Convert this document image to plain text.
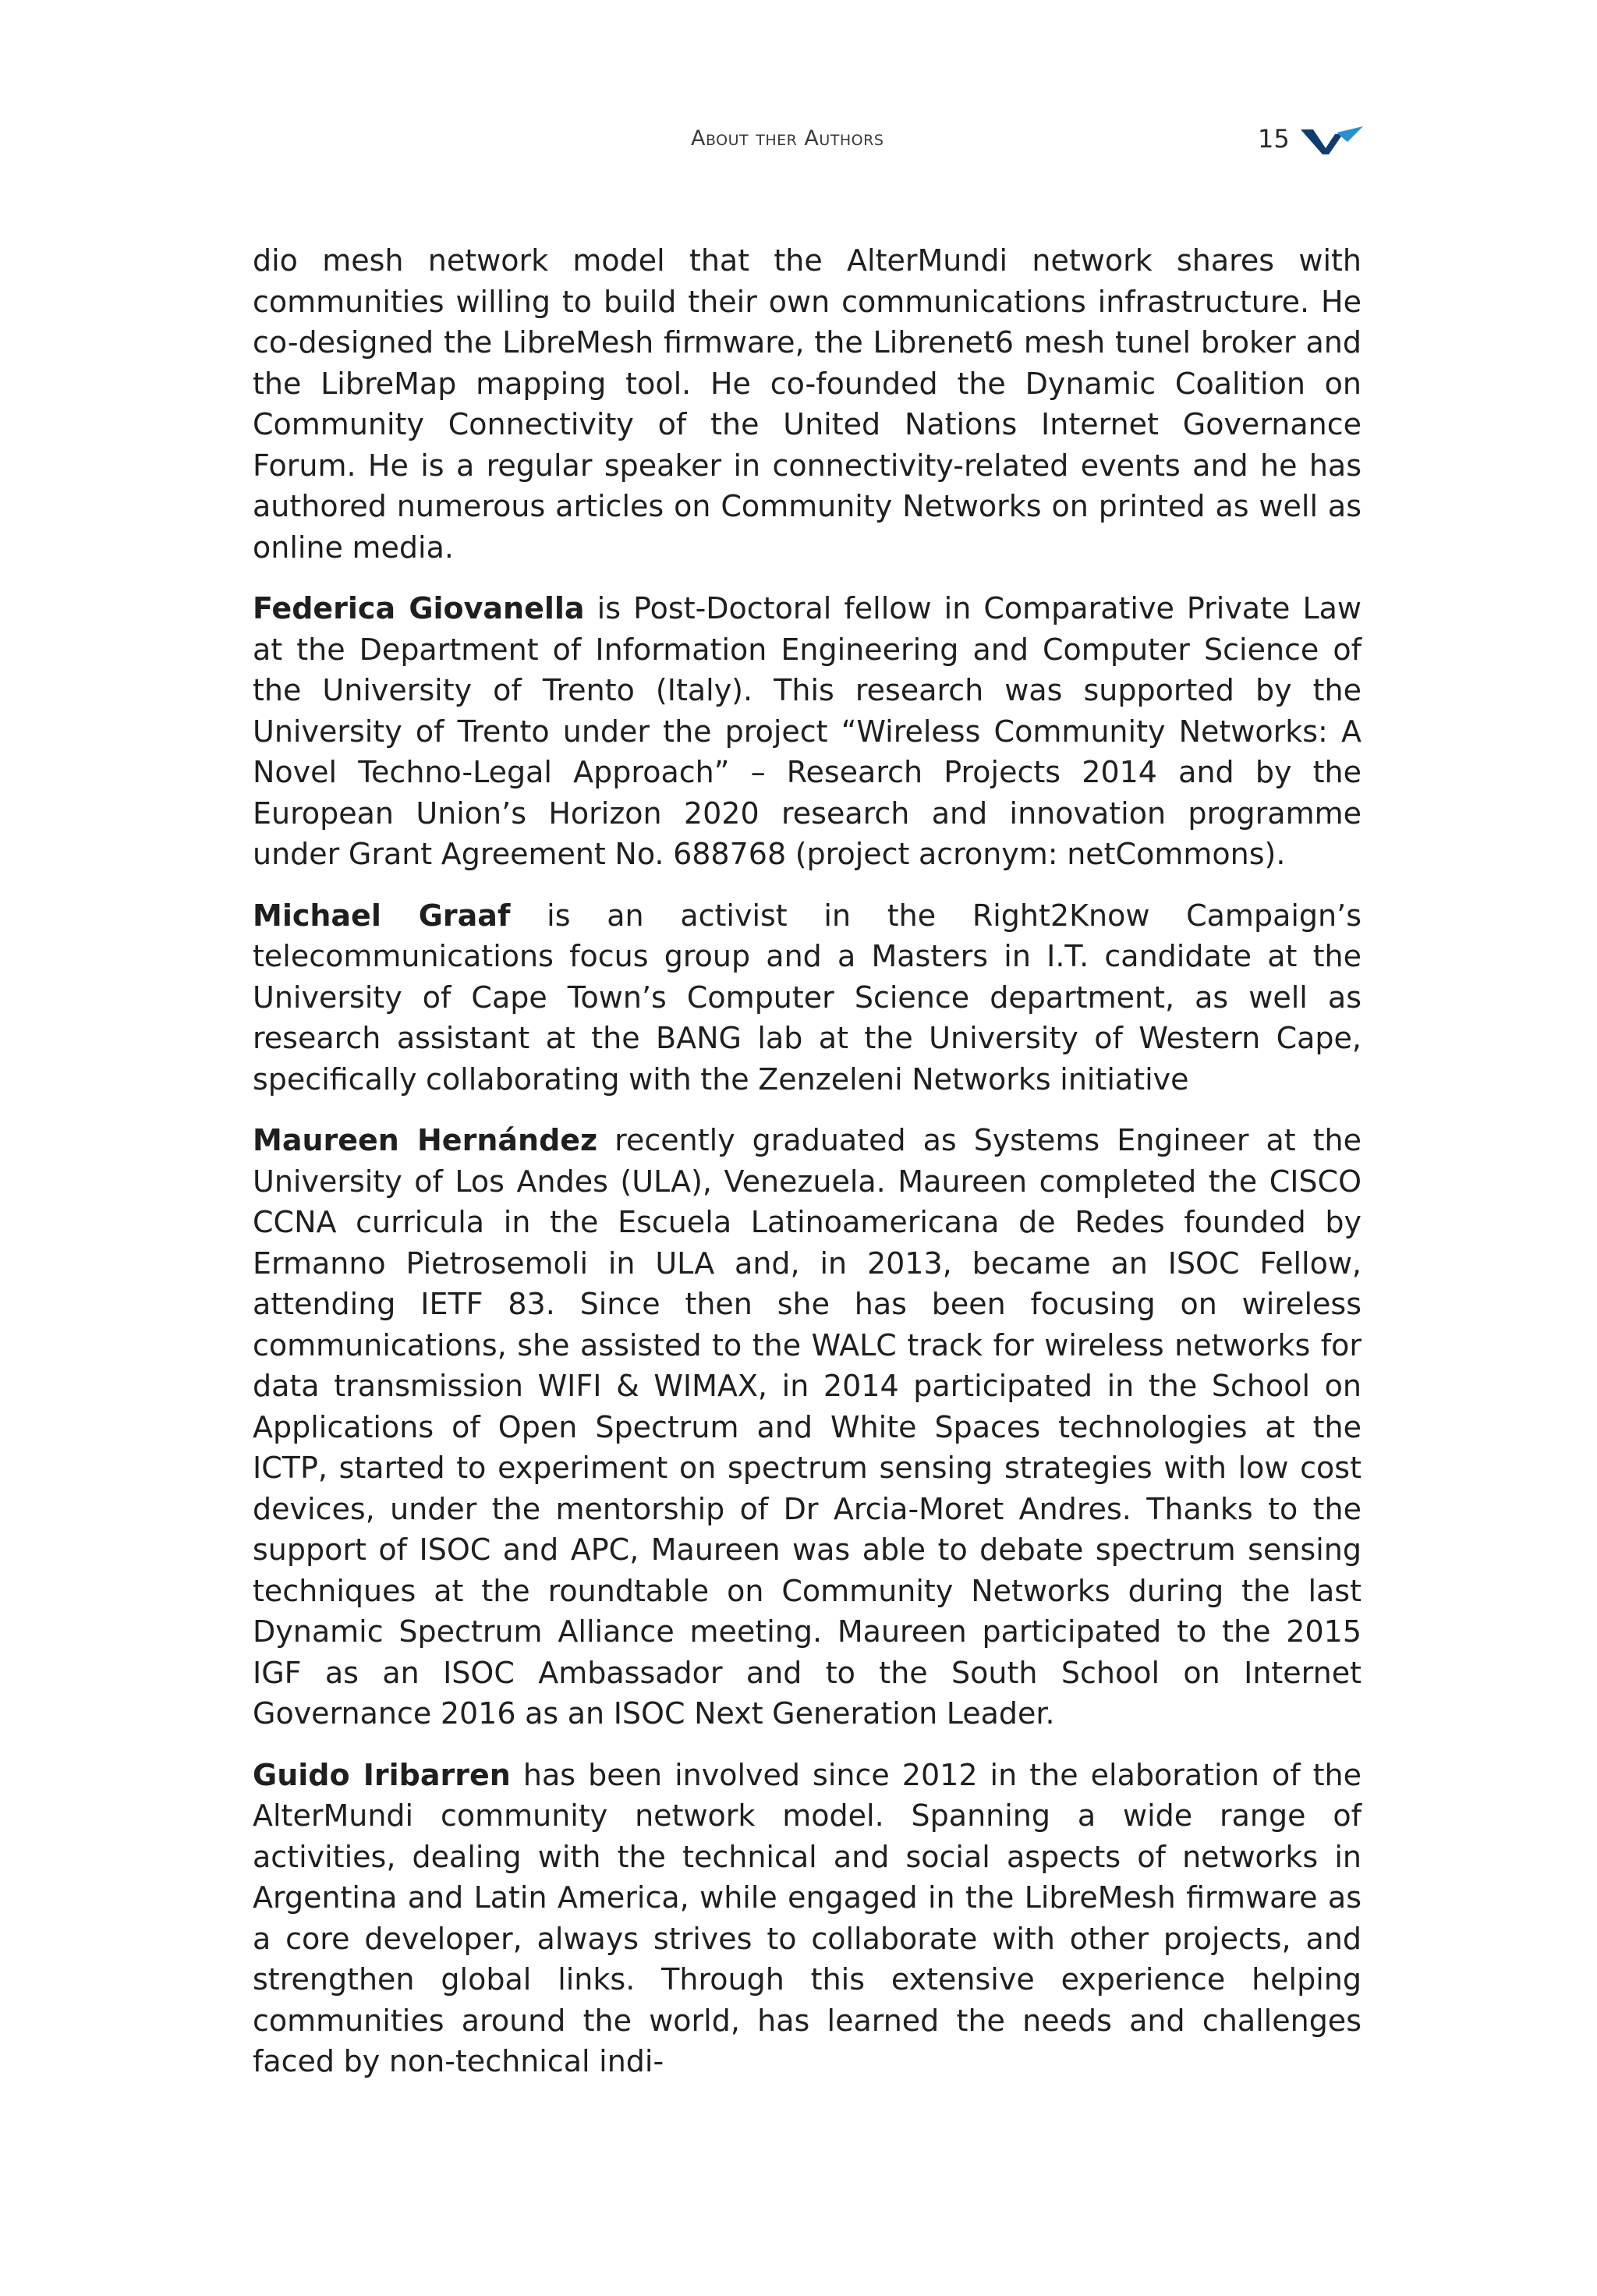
About ther Authors	15

dio mesh network model that the AlterMundi network shares with communities willing to build their own communications infrastructure. He co-designed the LibreMesh firmware, the Librenet6 mesh tunel broker and the LibreMap mapping tool. He co-founded the Dynamic Coalition on Community Connectivity of the United Nations Internet Governance Forum. He is a regular speaker in connectivity-related events and he has authored numerous articles on Community Networks on printed as well as online media.

Federica Giovanella is Post-Doctoral fellow in Comparative Private Law at the Department of Information Engineering and Computer Science of the University of Trento (Italy). This research was supported by the University of Trento under the project “Wireless Community Networks: A Novel Techno-Legal Approach” – Research Projects 2014 and by the European Union’s Horizon 2020 research and innovation programme under Grant Agreement No. 688768 (project acronym: netCommons).

Michael Graaf is an activist in the Right2Know Campaign’s telecommunications focus group and a Masters in I.T. candidate at the University of Cape Town’s Computer Science department, as well as research assistant at the BANG lab at the University of Western Cape, specifically collaborating with the Zenzeleni Networks initiative

Maureen Hernández recently graduated as Systems Engineer at the University of Los Andes (ULA), Venezuela. Maureen completed the CISCO CCNA curricula in the Escuela Latinoamericana de Redes founded by Ermanno Pietrosemoli in ULA and, in 2013, became an ISOC Fellow, attending IETF 83. Since then she has been focusing on wireless communications, she assisted to the WALC track for wireless networks for data transmission WIFI & WIMAX, in 2014 participated in the School on Applications of Open Spectrum and White Spaces technologies at the ICTP, started to experiment on spectrum sensing strategies with low cost devices, under the mentorship of Dr Arcia-Moret Andres. Thanks to the support of ISOC and APC, Maureen was able to debate spectrum sensing techniques at the roundtable on Community Networks during the last Dynamic Spectrum Alliance meeting. Maureen participated to the 2015 IGF as an ISOC Ambassador and to the South School on Internet Governance 2016 as an ISOC Next Generation Leader.

Guido Iribarren has been involved since 2012 in the elaboration of the AlterMundi community network model. Spanning a wide range of activities, dealing with the technical and social aspects of networks in Argentina and Latin America, while engaged in the LibreMesh firmware as a core developer, always strives to collaborate with other projects, and strengthen global links. Through this extensive experience helping communities around the world, has learned the needs and challenges faced by non-technical indi-
